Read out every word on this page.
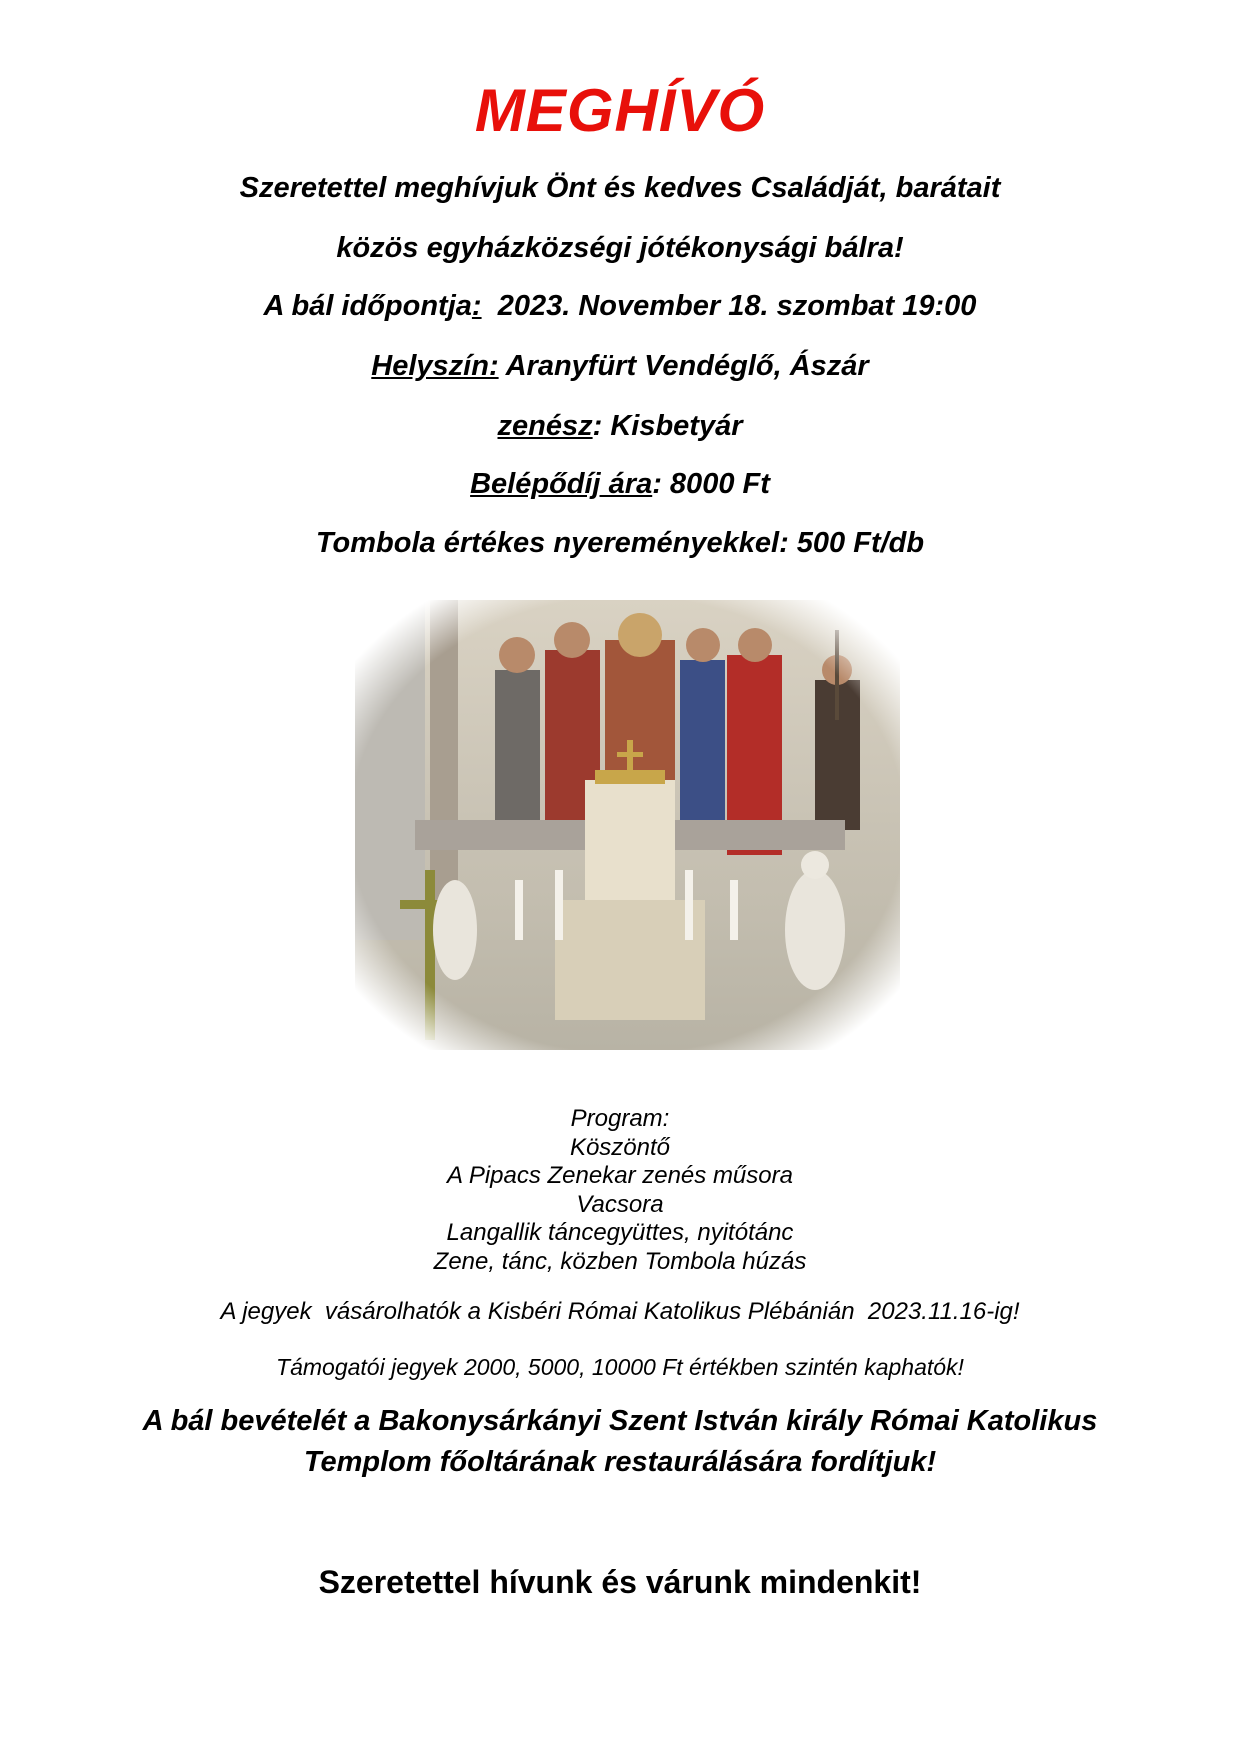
MEGHÍVÓ
Szeretettel meghívjuk Önt és kedves Családját, barátait
közös egyházközségi jótékonysági bálra!
A bál időpontja:  2023. November 18. szombat 19:00
Helyszín: Aranyfürt Vendéglő, Ászár
zenész: Kisbetyár
Belépődíj ára: 8000 Ft
Tombola értékes nyereményekkel: 500 Ft/db
Program:
Köszöntő
A Pipacs Zenekar zenés műsora
Vacsora
Langallik táncegyüttes, nyitótánc
Zene, tánc, közben Tombola húzás
A jegyek  vásárolhatók a Kisbéri Római Katolikus Plébánián  2023.11.16-ig!
Támogatói jegyek 2000, 5000, 10000 Ft értékben szintén kaphatók!
A bál bevételét a Bakonysárkányi Szent István király Római Katolikus
Templom főoltárának restaurálására fordítjuk!
Szeretettel hívunk és várunk mindenkit!
